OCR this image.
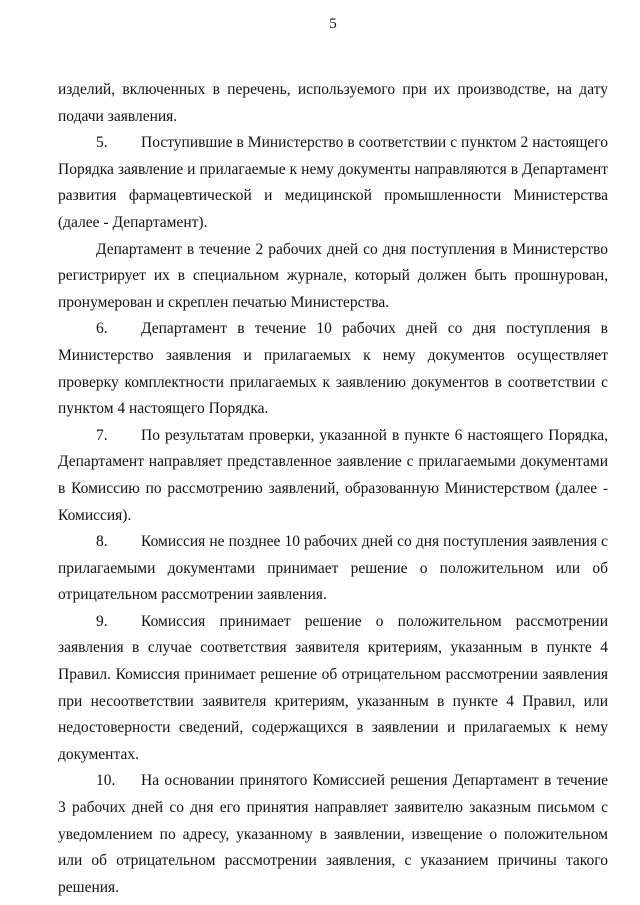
5

изделий, включенных в перечень, используемого при их производстве, на дату подачи заявления.

5. Поступившие в Министерство в соответствии с пунктом 2 настоящего Порядка заявление и прилагаемые к нему документы направляются в Департамент развития фармацевтической и медицинской промышленности Министерства (далее - Департамент).

Департамент в течение 2 рабочих дней со дня поступления в Министерство регистрирует их в специальном журнале, который должен быть прошнурован, пронумерован и скреплен печатью Министерства.

6. Департамент в течение 10 рабочих дней со дня поступления в Министерство заявления и прилагаемых к нему документов осуществляет проверку комплектности прилагаемых к заявлению документов в соответствии с пунктом 4 настоящего Порядка.

7. По результатам проверки, указанной в пункте 6 настоящего Порядка, Департамент направляет представленное заявление с прилагаемыми документами в Комиссию по рассмотрению заявлений, образованную Министерством (далее - Комиссия).

8. Комиссия не позднее 10 рабочих дней со дня поступления заявления с прилагаемыми документами принимает решение о положительном или об отрицательном рассмотрении заявления.

9. Комиссия принимает решение о положительном рассмотрении заявления в случае соответствия заявителя критериям, указанным в пункте 4 Правил. Комиссия принимает решение об отрицательном рассмотрении заявления при несоответствии заявителя критериям, указанным в пункте 4 Правил, или недостоверности сведений, содержащихся в заявлении и прилагаемых к нему документах.

10. На основании принятого Комиссией решения Департамент в течение 3 рабочих дней со дня его принятия направляет заявителю заказным письмом с уведомлением по адресу, указанному в заявлении, извещение о положительном или об отрицательном рассмотрении заявления, с указанием причины такого решения.
